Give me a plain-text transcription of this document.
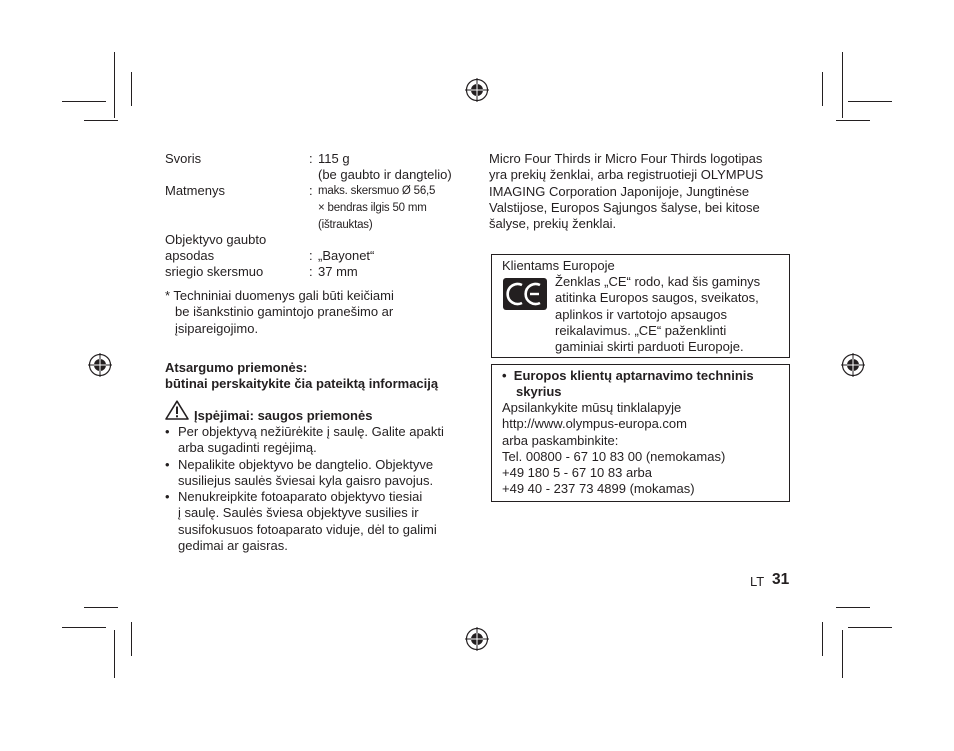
Svoris	: 115 g
(be gaubto ir dangtelio)
Matmenys	: maks. skersmuo Ø 56,5
× bendras ilgis 50 mm
(ištrauktas)
Objektyvo gaubto
apsodas	: „Bayonet“
sriegio skersmuo	: 37 mm
* Techniniai duomenys gali būti keičiami
be išankstinio gamintojo pranešimo ar
įsipareigojimo.
Atsargumo priemonės:
būtinai perskaitykite čia pateiktą informaciją
Įspėjimai: saugos priemonės
• Per objektyvą nežiūrėkite į saulę. Galite apakti
arba sugadinti regėjimą.
• Nepalikite objektyvo be dangtelio. Objektyve
susiliejus saulės šviesai kyla gaisro pavojus.
• Nenukreipkite fotoaparato objektyvo tiesiai
į saulę. Saulės šviesa objektyve susilies ir
susifokusuos fotoaparato viduje, dėl to galimi
gedimai ar gaisras.
Micro Four Thirds ir Micro Four Thirds logotipas
yra prekių ženklai, arba registruotieji OLYMPUS
IMAGING Corporation Japonijoje, Jungtinėse
Valstijose, Europos Sąjungos šalyse, bei kitose
šalyse, prekių ženklai.
Klientams Europoje
Ženklas „CE“ rodo, kad šis gaminys
atitinka Europos saugos, sveikatos,
aplinkos ir vartotojo apsaugos
reikalavimus. „CE“ paženklinti
gaminiai skirti parduoti Europoje.
•  Europos klientų aptarnavimo techninis
skyrius
Apsilankykite mūsų tinklalapyje
http://www.olympus-europa.com
arba paskambinkite:
Tel. 00800 - 67 10 83 00 (nemokamas)
+49 180 5 - 67 10 83 arba
+49 40 - 237 73 4899 (mokamas)
LT 31
